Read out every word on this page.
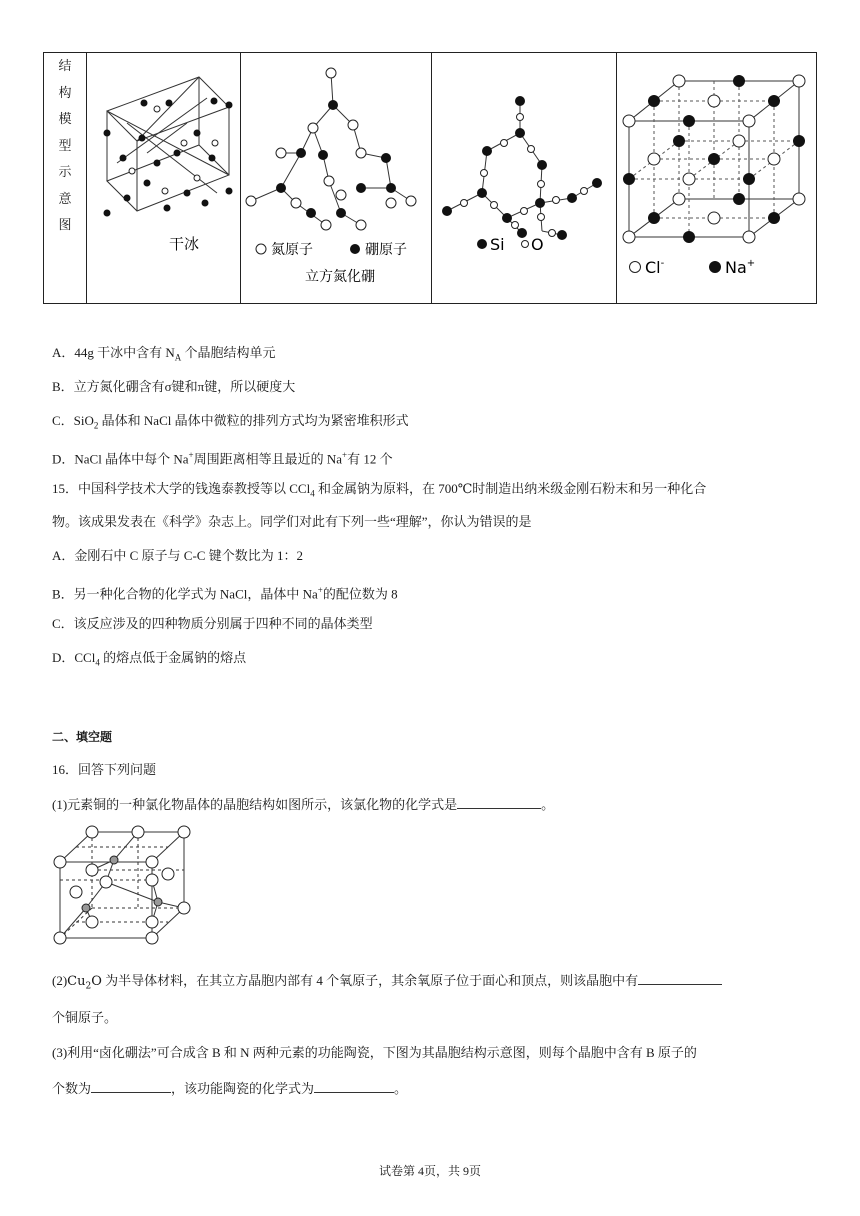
结
构
模
型
示
意
图

干冰	氮原子	硼原子
立方氮化硼

Si O

Cl-	Na+
A．44g 干冰中含有 $N_A$ 个晶胞结构单元
B．立方氮化硼含有σ键和π键，所以硬度大
C．SiO$_2$ 晶体和 NaCl 晶体中微粒的排列方式均为紧密堆积形式
D．NaCl 晶体中每个 Na+周围距离相等且最近的 Na+有 12 个
15．中国科学技术大学的钱逸泰教授等以 CCl$_4$ 和金属钠为原料，在 700℃时制造出纳米级金刚石粉末和另一种化合
物。该成果发表在《科学》杂志上。同学们对此有下列一些“理解”，你认为错误的是
A．金刚石中 C 原子与 C-C 键个数比为 1：2
B．另一种化合物的化学式为 NaCl，晶体中 Na+的配位数为 8
C．该反应涉及的四种物质分别属于四种不同的晶体类型
D．CCl$_4$ 的熔点低于金属钠的熔点
二、填空题
16．回答下列问题
(1)元素铜的一种氯化物晶体的晶胞结构如图所示，该氯化物的化学式是	。
$(2)Cu_2O$ 为半导体材料，在其立方晶胞内部有 4 个氧原子，其余氧原子位于面心和顶点，则该晶胞中有
个铜原子。
(3)利用“卤化硼法”可合成含 B 和 N 两种元素的功能陶瓷，下图为其晶胞结构示意图，则每个晶胞中含有 B 原子的
个数为	，该功能陶瓷的化学式为	。
试卷第 4页，共 9页
